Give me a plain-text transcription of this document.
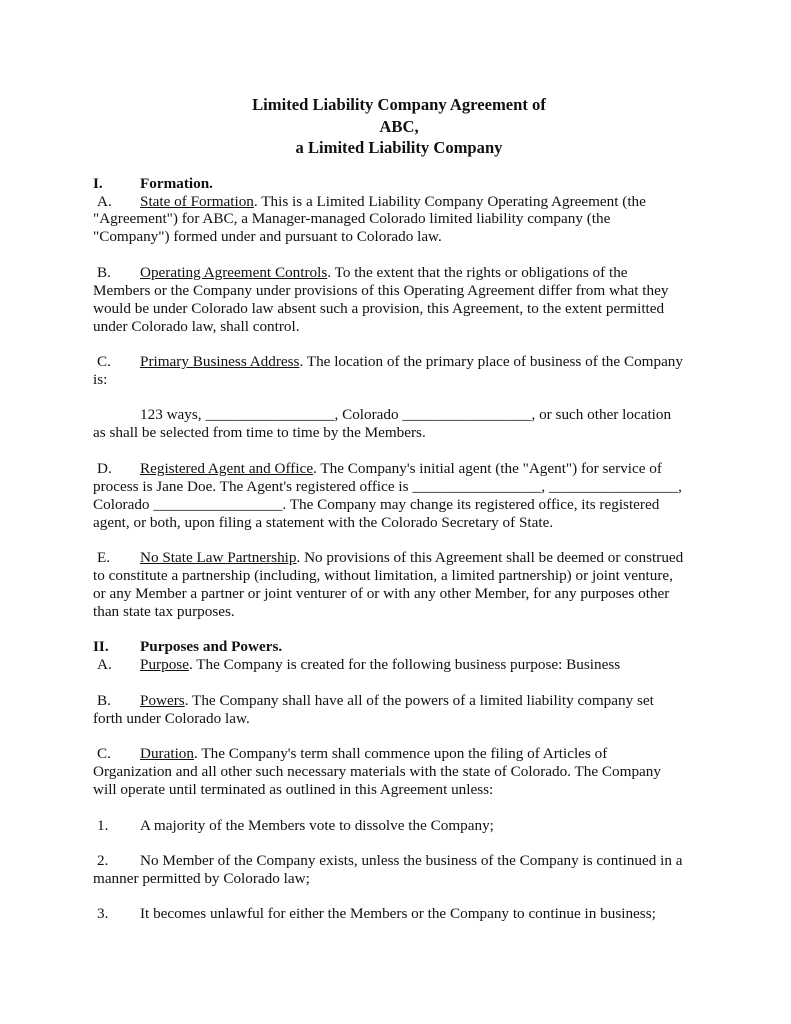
Limited Liability Company Agreement of
ABC,
a Limited Liability Company
I. Formation.

A. State of Formation. This is a Limited Liability Company Operating Agreement (the
"Agreement") for ABC, a Manager-managed Colorado limited liability company (the
"Company") formed under and pursuant to Colorado law.

B. Operating Agreement Controls. To the extent that the rights or obligations of the
Members or the Company under provisions of this Operating Agreement differ from what they
would be under Colorado law absent such a provision, this Agreement, to the extent permitted
under Colorado law, shall control.

C. Primary Business Address. The location of the primary place of business of the Company
is:

123 ways, _________________, Colorado _________________, or such other location
as shall be selected from time to time by the Members.

D. Registered Agent and Office. The Company's initial agent (the "Agent") for service of
process is Jane Doe. The Agent's registered office is _________________, _________________,
Colorado _________________. The Company may change its registered office, its registered
agent, or both, upon filing a statement with the Colorado Secretary of State.

E. No State Law Partnership. No provisions of this Agreement shall be deemed or construed
to constitute a partnership (including, without limitation, a limited partnership) or joint venture,
or any Member a partner or joint venturer of or with any other Member, for any purposes other
than state tax purposes.

II. Purposes and Powers.

A. Purpose. The Company is created for the following business purpose: Business

B. Powers. The Company shall have all of the powers of a limited liability company set
forth under Colorado law.

C. Duration. The Company's term shall commence upon the filing of Articles of
Organization and all other such necessary materials with the state of Colorado. The Company
will operate until terminated as outlined in this Agreement unless:

1. A majority of the Members vote to dissolve the Company;

2. No Member of the Company exists, unless the business of the Company is continued in a
manner permitted by Colorado law;

3. It becomes unlawful for either the Members or the Company to continue in business;
